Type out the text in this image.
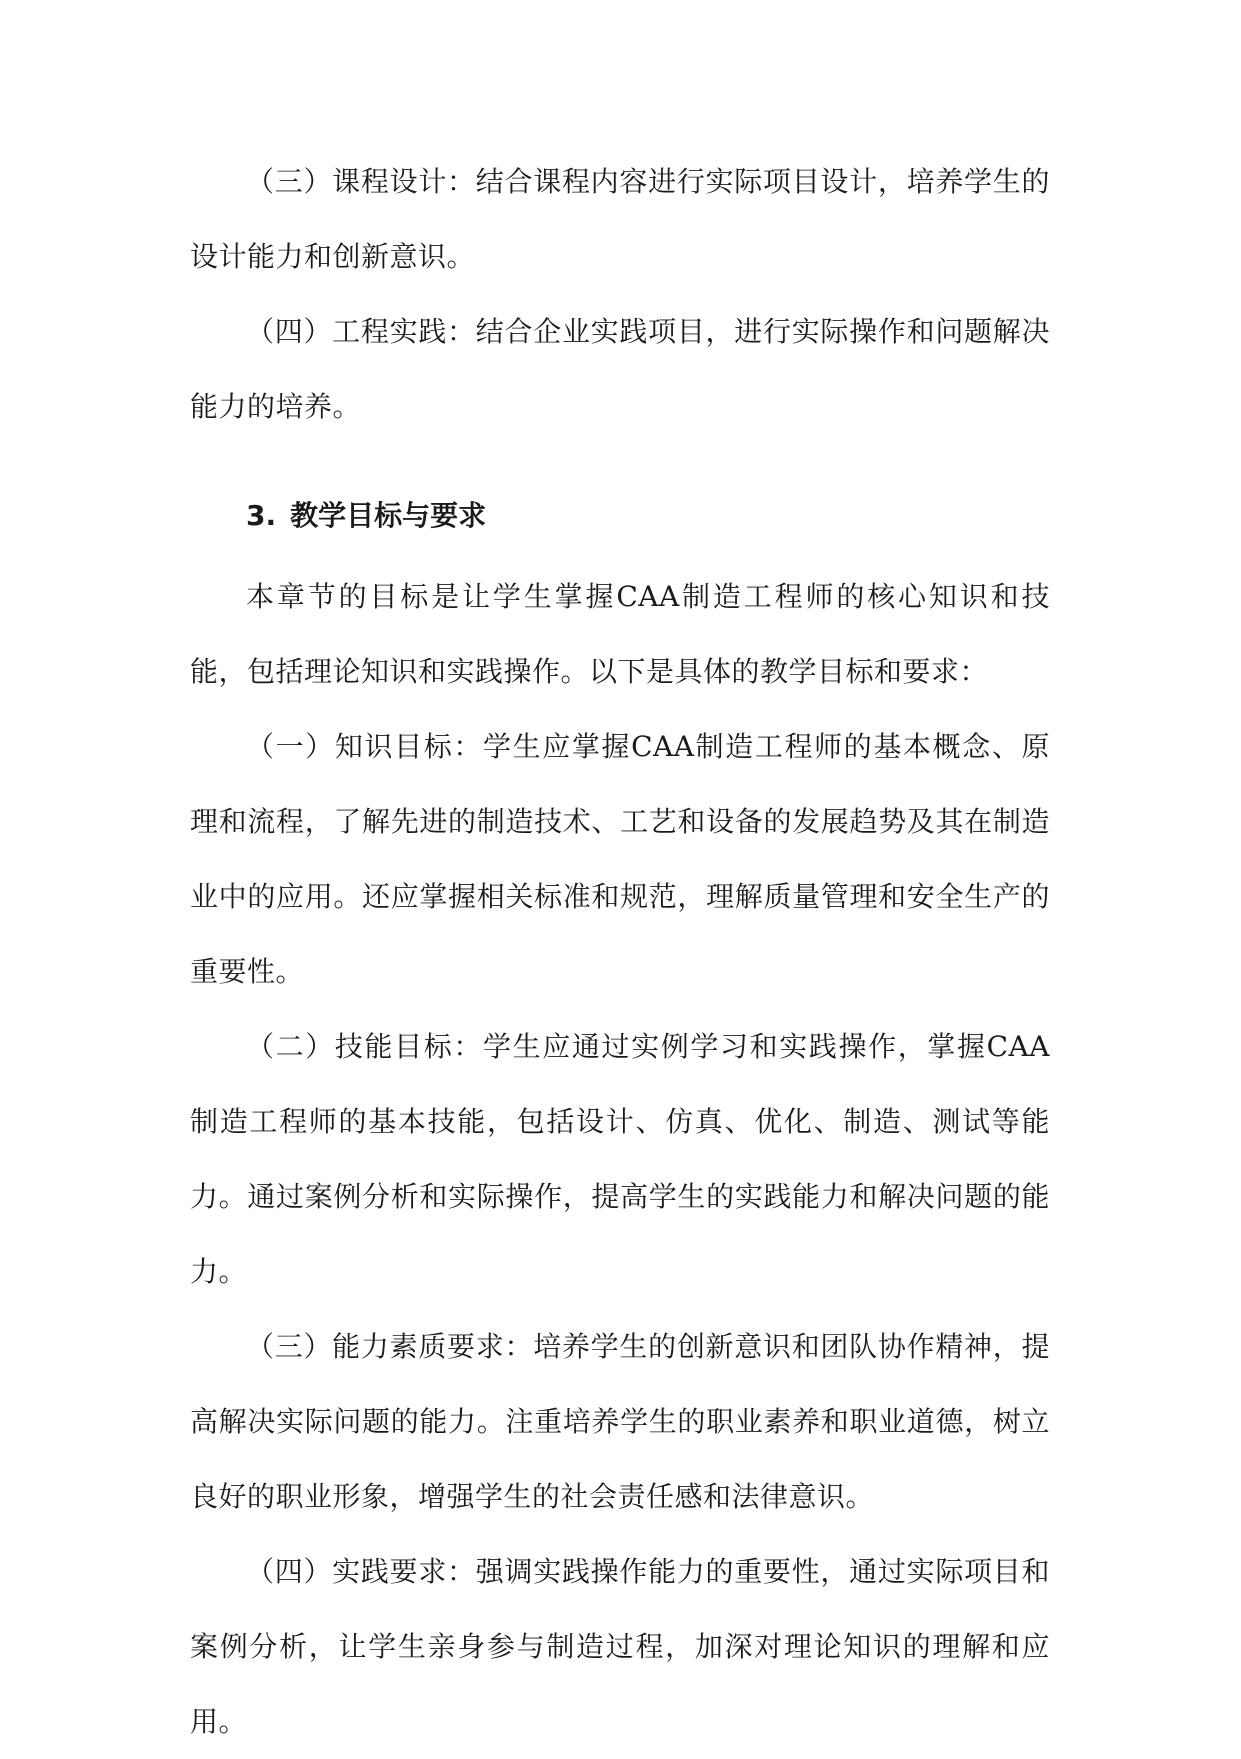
（三）课程设计：结合课程内容进行实际项目设计，培养学生的设计能力和创新意识。

（四）工程实践：结合企业实践项目，进行实际操作和问题解决能力的培养。

3. 教学目标与要求

本章节的目标是让学生掌握CAA制造工程师的核心知识和技能，包括理论知识和实践操作。以下是具体的教学目标和要求：

（一）知识目标：学生应掌握CAA制造工程师的基本概念、原理和流程，了解先进的制造技术、工艺和设备的发展趋势及其在制造业中的应用。还应掌握相关标准和规范，理解质量管理和安全生产的重要性。

（二）技能目标：学生应通过实例学习和实践操作，掌握CAA制造工程师的基本技能，包括设计、仿真、优化、制造、测试等能力。通过案例分析和实际操作，提高学生的实践能力和解决问题的能力。

（三）能力素质要求：培养学生的创新意识和团队协作精神，提高解决实际问题的能力。注重培养学生的职业素养和职业道德，树立良好的职业形象，增强学生的社会责任感和法律意识。

（四）实践要求：强调实践操作能力的重要性，通过实际项目和案例分析，让学生亲身参与制造过程，加深对理论知识的理解和应用。
